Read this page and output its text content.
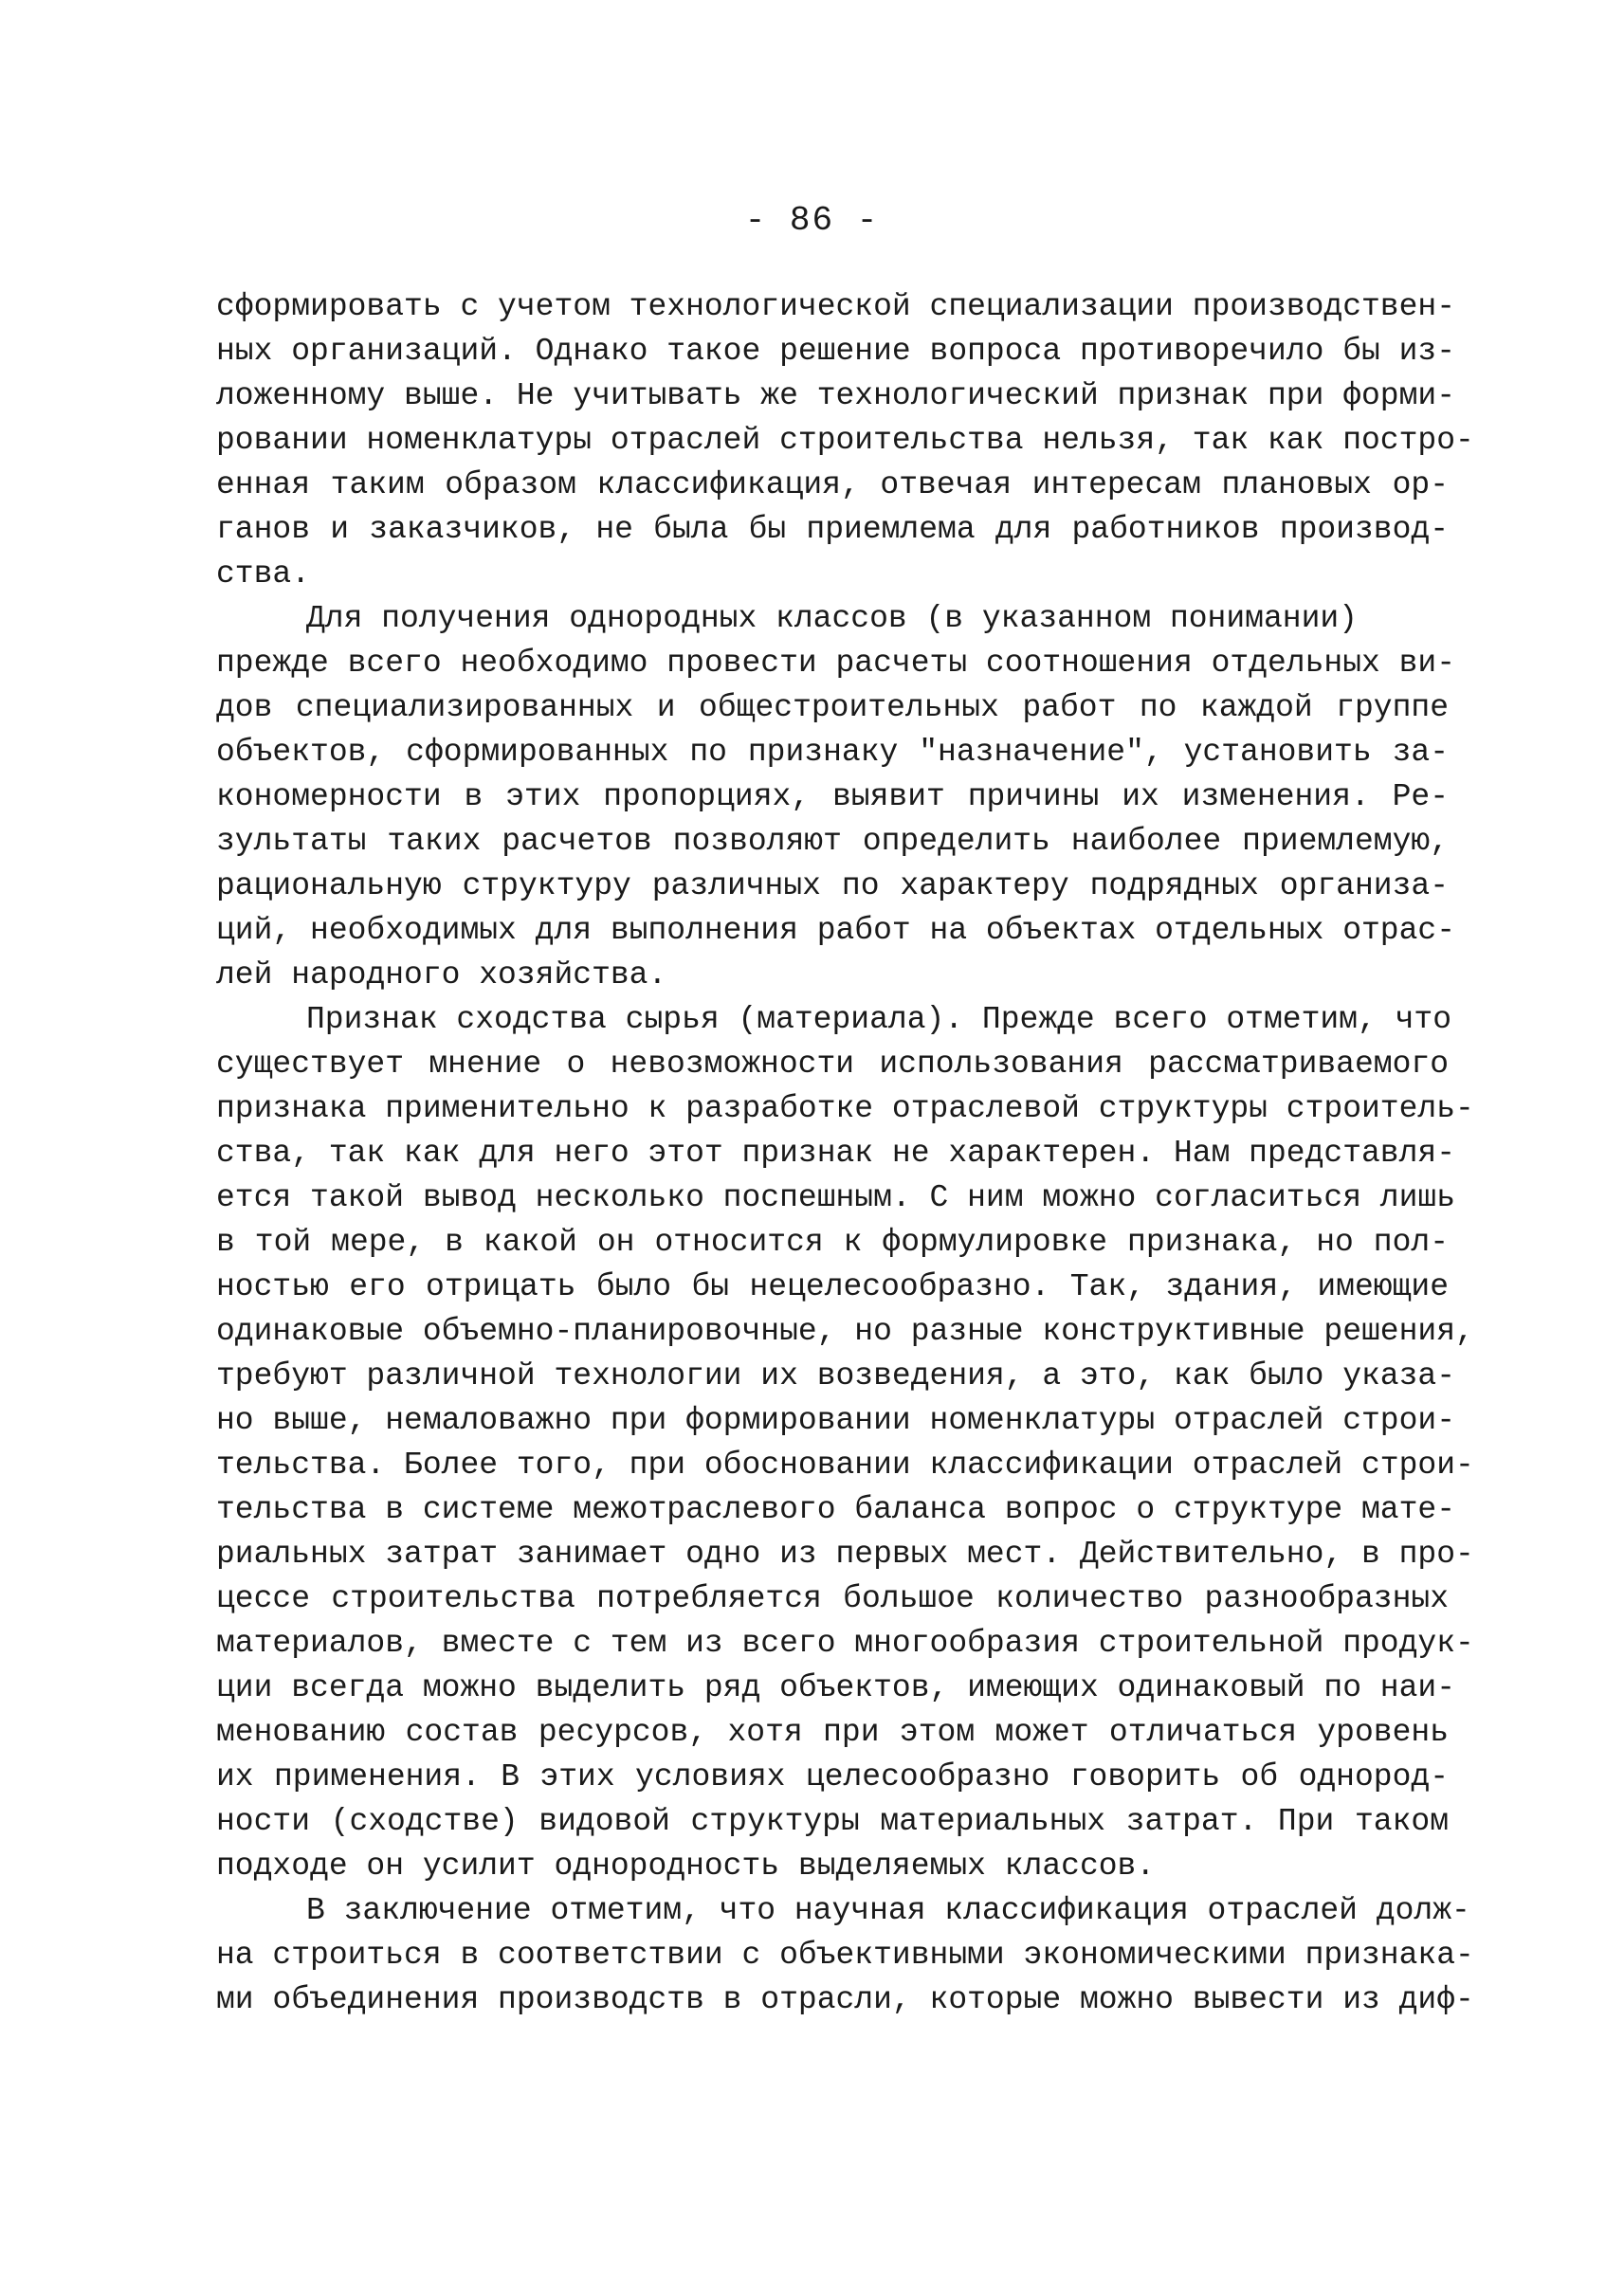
- 86 -
сформировать с учетом технологической специализации производствен-
ных организаций. Однако такое решение вопроса противоречило бы из-
ложенному выше. Не учитывать же технологический признак при форми-
ровании номенклатуры отраслей строительства нельзя, так как постро-
енная таким образом классификация, отвечая интересам плановых ор-
ганов и заказчиков, не была бы приемлема для работников производ-
ства.
Для получения однородных классов (в указанном понимании)
прежде всего необходимо провести расчеты соотношения отдельных ви-
дов специализированных и общестроительных работ по каждой группе
объектов, сформированных по признаку "назначение", установить за-
кономерности в этих пропорциях, выявит причины их изменения. Ре-
зультаты таких расчетов позволяют определить наиболее приемлемую,
рациональную структуру различных по характеру подрядных организа-
ций, необходимых для выполнения работ на объектах отдельных отрас-
лей народного хозяйства.
Признак сходства сырья (материала). Прежде всего отметим, что
существует мнение о невозможности использования рассматриваемого
признака применительно к разработке отраслевой структуры строитель-
ства, так как для него этот признак не характерен. Нам представля-
ется такой вывод несколько поспешным. С ним можно согласиться лишь
в той мере, в какой он относится к формулировке признака, но пол-
ностью его отрицать было бы нецелесообразно. Так, здания, имеющие
одинаковые объемно-планировочные, но разные конструктивные решения,
требуют различной технологии их возведения, а это, как было указа-
но выше, немаловажно при формировании номенклатуры отраслей строи-
тельства. Более того, при обосновании классификации отраслей строи-
тельства в системе межотраслевого баланса вопрос о структуре мате-
риальных затрат занимает одно из первых мест. Действительно, в про-
цессе строительства потребляется большое количество разнообразных
материалов, вместе с тем из всего многообразия строительной продук-
ции всегда можно выделить ряд объектов, имеющих одинаковый по наи-
менованию состав ресурсов, хотя при этом может отличаться уровень
их применения. В этих условиях целесообразно говорить об однород-
ности (сходстве) видовой структуры материальных затрат. При таком
подходе он усилит однородность выделяемых классов.
В заключение отметим, что научная классификация отраслей долж-
на строиться в соответствии с объективными экономическими признака-
ми объединения производств в отрасли, которые можно вывести из диф-
